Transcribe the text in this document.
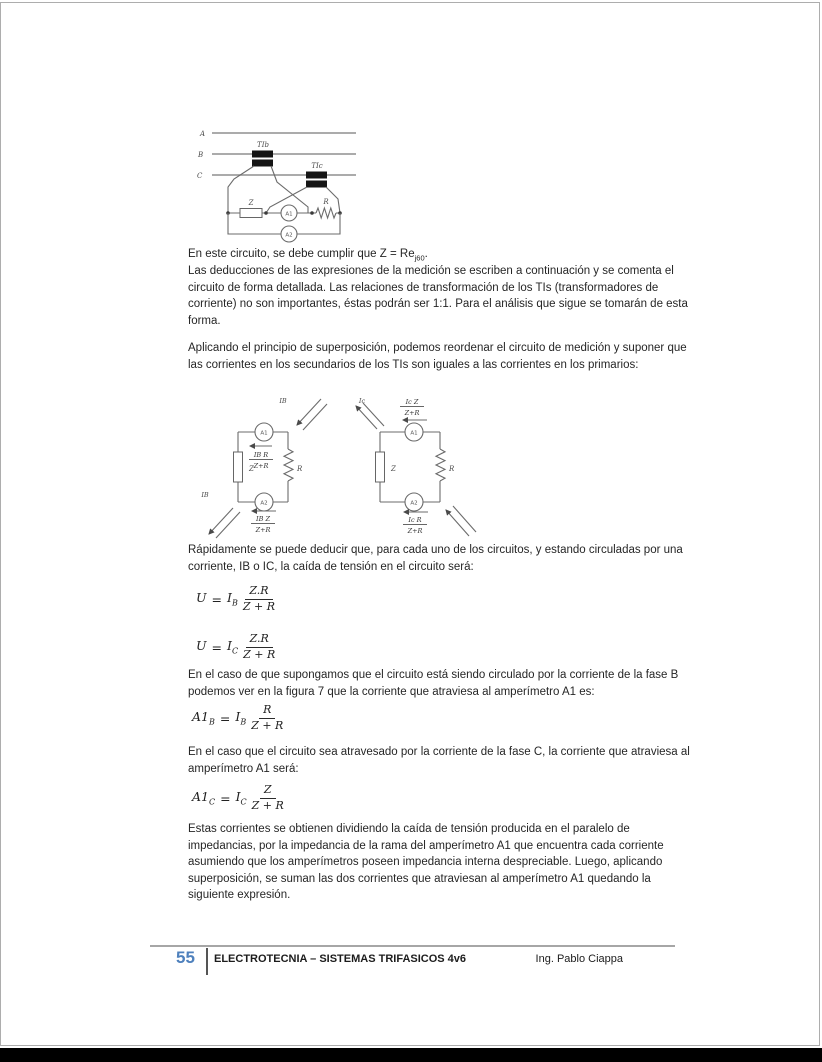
A
B
C
TIb
TIc
R
Z
A1
A2
En este circuito, se debe cumplir que $Z = Re_{j60}$.
Las deducciones de las expresiones de la medición se escriben a continuación y se comenta el circuito de forma detallada. Las relaciones de transformación de los TIs (transformadores de corriente) no son importantes, éstas podrán ser 1:1. Para el análisis que sigue se tomarán de esta forma.
Aplicando el principio de superposición, podemos reordenar el circuito de medición y suponer que las corrientes en los secundarios de los TIs son iguales a las corrientes en los primarios:
Z	R
A1
A2
IB
IB R
Z+R
IB
IB Z
Z+R
Z	R
A1
A2
Ic	Ic Z
Z+R
Ic R
Z+R
Rápidamente se puede deducir que, para cada uno de los circuitos, y estando circuladas por una corriente, IB o IC, la caída de tensión en el circuito será:
$U = I_B \frac{Z.R}{Z + R}$
$U = I_C \frac{Z.R}{Z + R}$
En el caso de que supongamos que el circuito está siendo circulado por la corriente de la fase B podemos ver en la figura 7 que la corriente que atraviesa al amperímetro A1 es:
$A1_B = I_B \frac{R}{Z + R}$
En el caso que el circuito sea atravesado por la corriente de la fase C, la corriente que atraviesa al amperímetro A1 será:
$A1_C = I_C \frac{Z}{Z + R}$
Estas corrientes se obtienen dividiendo la caída de tensión producida en el paralelo de impedancias, por la impedancia de la rama del amperímetro A1 que encuentra cada corriente asumiendo que los amperímetros poseen impedancia interna despreciable. Luego, aplicando superposición, se suman las dos corrientes que atraviesan al amperímetro A1 quedando la siguiente expresión.
55 ELECTROTECNIA – SISTEMAS TRIFASICOS 4v6	Ing. Pablo Ciappa
